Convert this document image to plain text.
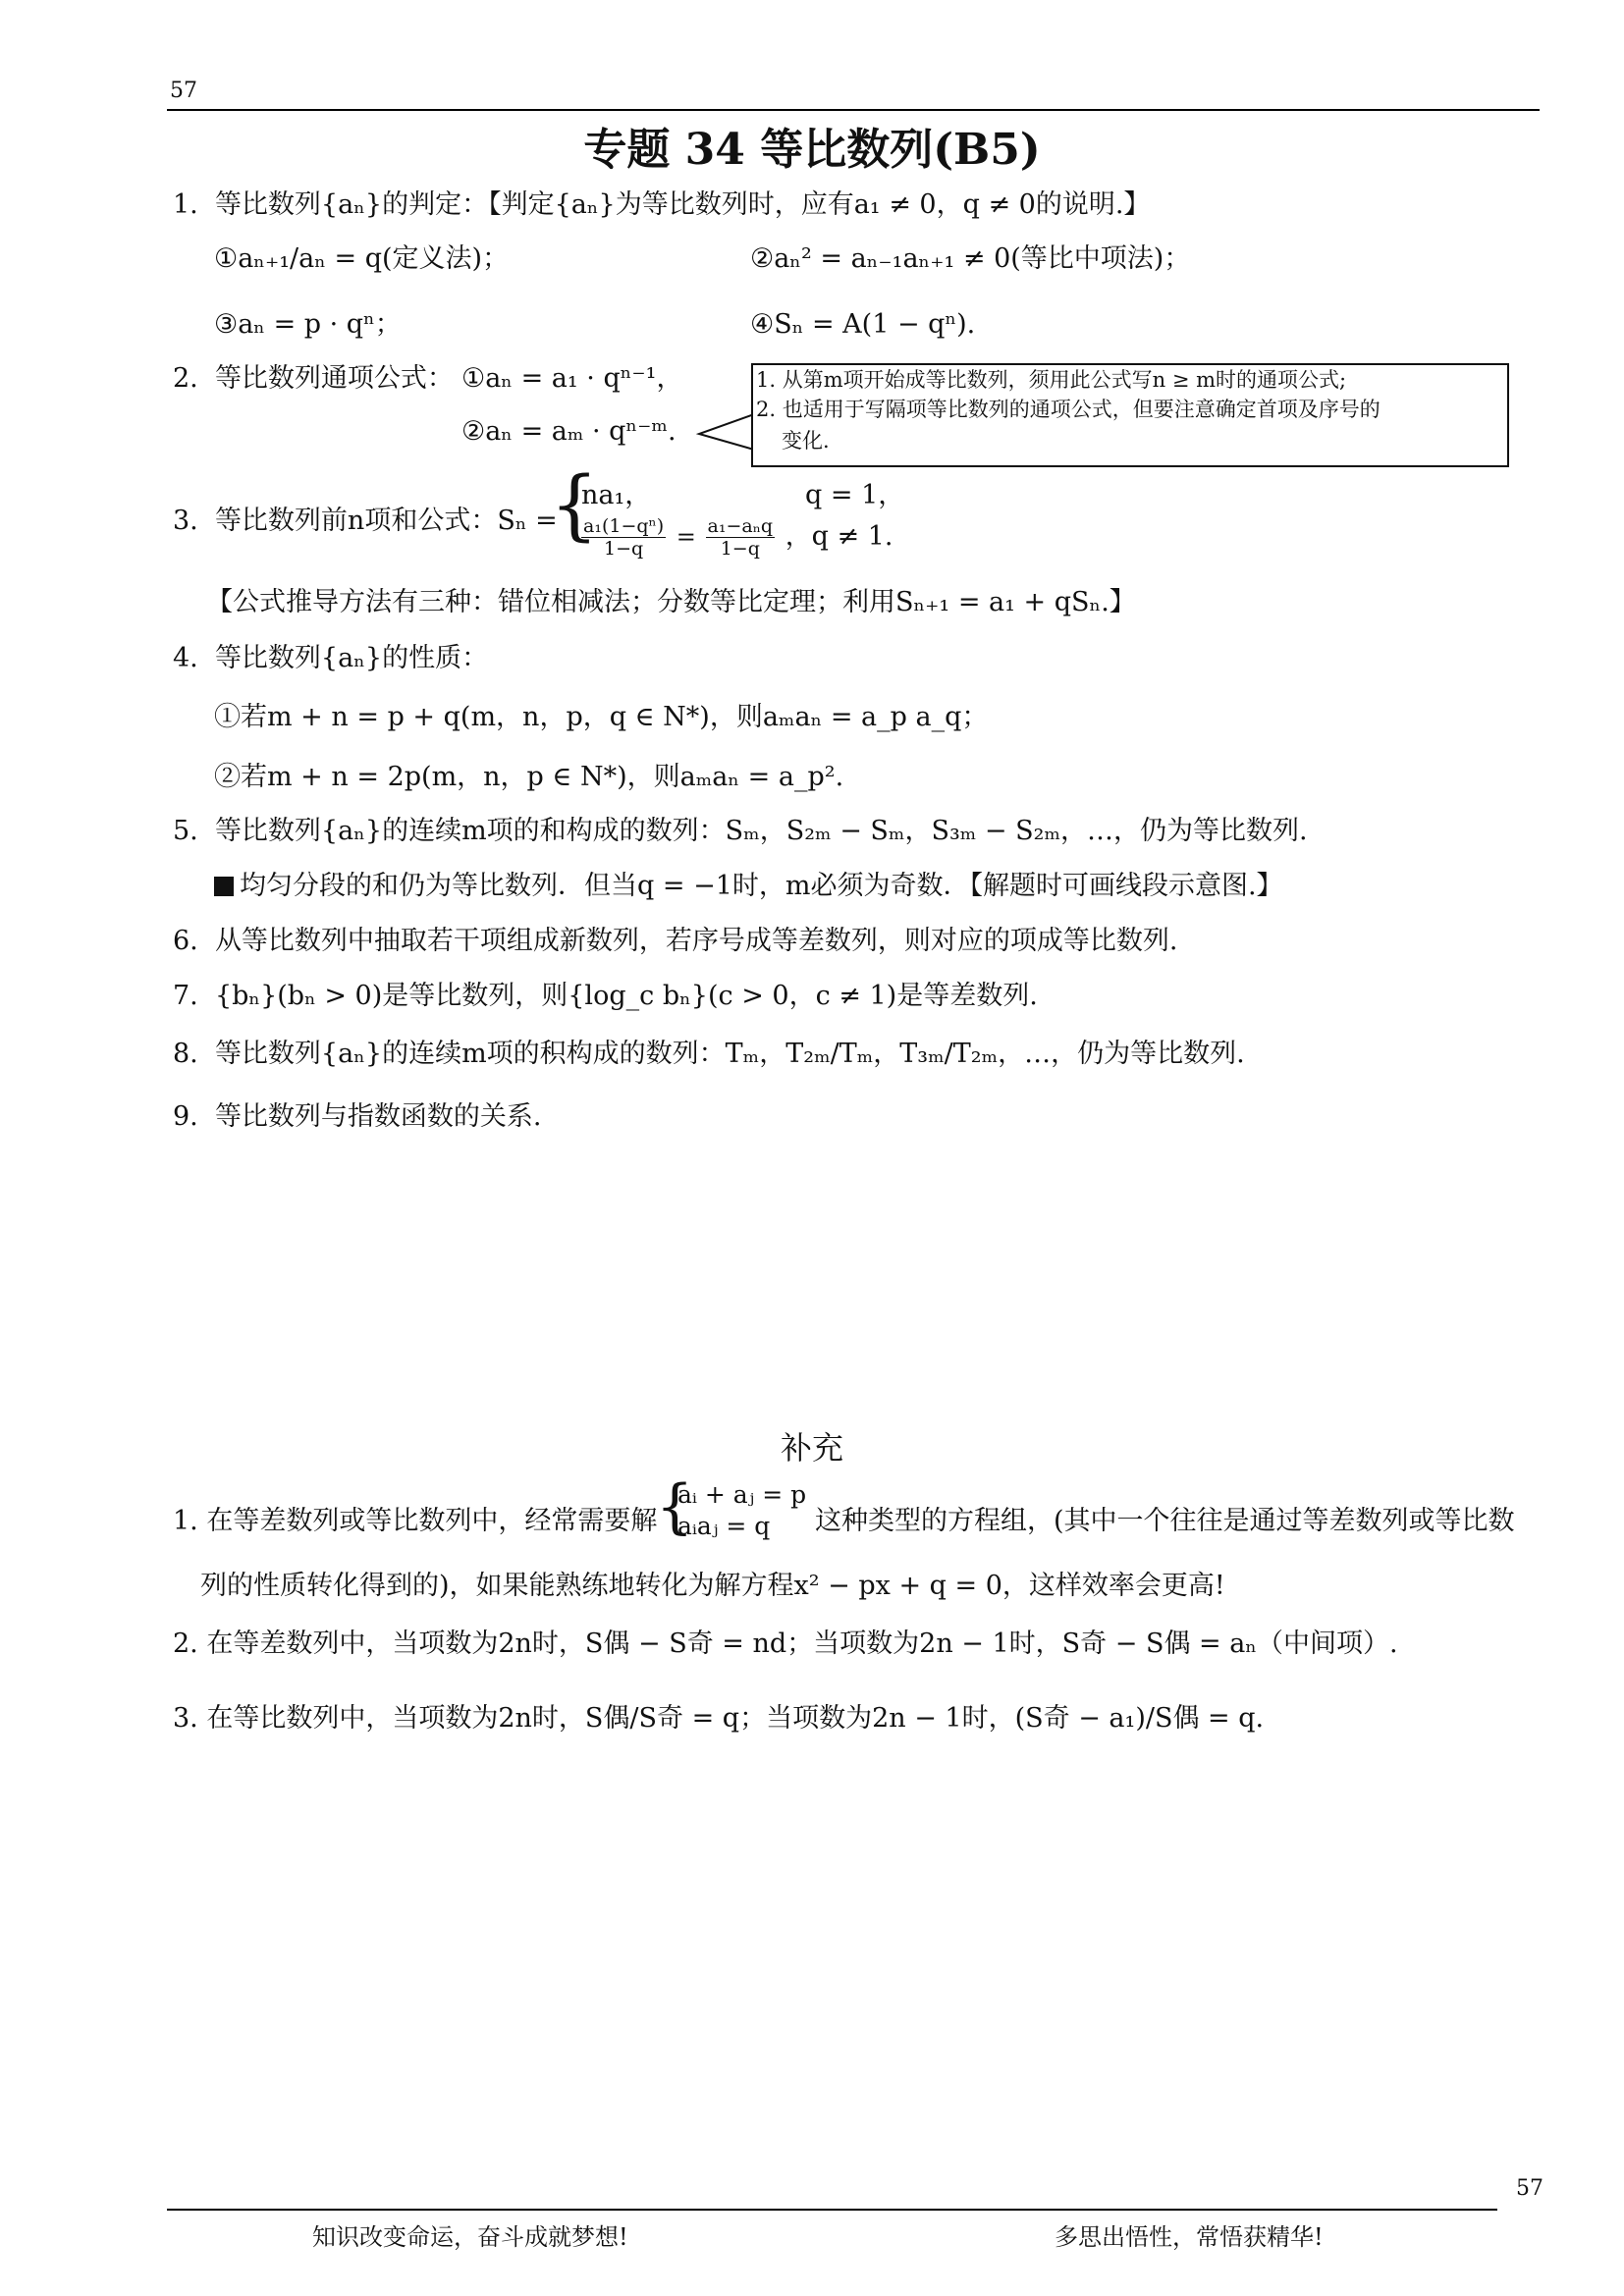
57
专题 34 等比数列(B5)
1. 等比数列{aₙ}的判定：【判定{aₙ}为等比数列时，应有a₁ ≠ 0，q ≠ 0的说明.】
①aₙ₊₁/aₙ = q(定义法)；	②aₙ² = aₙ₋₁aₙ₊₁ ≠ 0(等比中项法)；
③aₙ = p · qⁿ；	④Sₙ = A(1 − qⁿ).
2. 等比数列通项公式： ①aₙ = a₁ · qⁿ⁻¹，
②aₙ = aₘ · qⁿ⁻ᵐ.
1. 从第m项开始成等比数列，须用此公式写n ≥ m时的通项公式;
2. 也适用于写隔项等比数列的通项公式，但要注意确定首项及序号的
变化.
3. 等比数列前n项和公式：Sₙ =
{
na₁，	q = 1，
$\frac{\text{a₁(1−qⁿ)}}{1-q} = \frac{\text{a₁−aₙq}}{1-q}$ ，q ≠ 1.
【公式推导方法有三种：错位相减法；分数等比定理；利用Sₙ₊₁ = a₁ + qSₙ.】
4. 等比数列{aₙ}的性质：
①若m + n = p + q(m，n，p，q ∈ N*)，则aₘaₙ = a_p a_q；
②若m + n = 2p(m，n，p ∈ N*)，则aₘaₙ = a_p².
5. 等比数列{aₙ}的连续m项的和构成的数列：Sₘ，S₂ₘ − Sₘ，S₃ₘ − S₂ₘ，…，仍为等比数列.
均匀分段的和仍为等比数列．但当q = −1时，m必须为奇数．【解题时可画线段示意图.】
6. 从等比数列中抽取若干项组成新数列，若序号成等差数列，则对应的项成等比数列.
7. {bₙ}(bₙ > 0)是等比数列，则{log_c bₙ}(c > 0，c ≠ 1)是等差数列.
8. 等比数列{aₙ}的连续m项的积构成的数列：Tₘ，T₂ₘ/Tₘ，T₃ₘ/T₂ₘ，…，仍为等比数列.
9. 等比数列与指数函数的关系.
补充
1. 在等差数列或等比数列中，经常需要解
{
aᵢ + aⱼ = p
aᵢaⱼ = q 这种类型的方程组，(其中一个往往是通过等差数列或等比数
列的性质转化得到的)，如果能熟练地转化为解方程x² − px + q = 0，这样效率会更高!
2. 在等差数列中，当项数为2n时，S偶 − S奇 = nd；当项数为2n − 1时，S奇 − S偶 = aₙ（中间项）.
3. 在等比数列中，当项数为2n时，S偶/S奇 = q；当项数为2n − 1时，(S奇 − a₁)/S偶 = q.
57
知识改变命运，奋斗成就梦想!	多思出悟性，常悟获精华!
